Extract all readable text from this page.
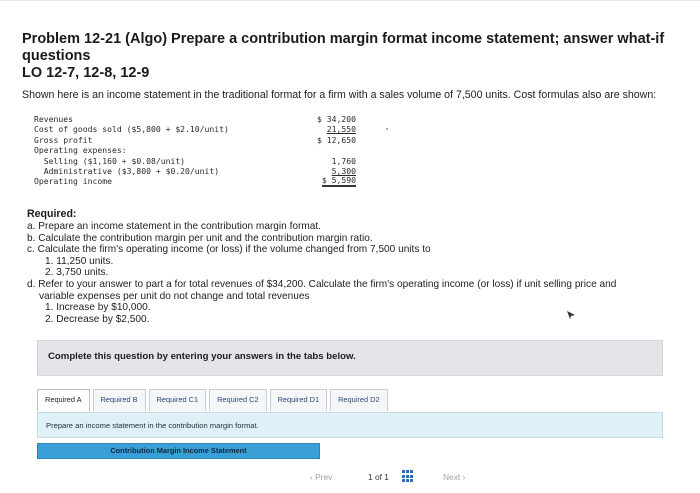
Problem 12-21 (Algo) Prepare a contribution margin format income statement; answer what-if questions
LO 12-7, 12-8, 12-9
Shown here is an income statement in the traditional format for a firm with a sales volume of 7,500 units. Cost formulas also are shown:
Revenues	$ 34,200
Cost of goods sold ($5,800 + $2.10/unit)	21,550
Gross profit	$ 12,650
Operating expenses:
Selling ($1,160 + $0.08/unit)	1,760
Administrative ($3,800 + $0.20/unit)	5,300
Operating income	$ 5,590
Required:
a. Prepare an income statement in the contribution margin format.
b. Calculate the contribution margin per unit and the contribution margin ratio.
c. Calculate the firm's operating income (or loss) if the volume changed from 7,500 units to
1. 11,250 units.
2. 3,750 units.
d. Refer to your answer to part a for total revenues of $34,200. Calculate the firm's operating income (or loss) if unit selling price and
variable expenses per unit do not change and total revenues
1. Increase by $10,000.
2. Decrease by $2,500.
Complete this question by entering your answers in the tabs below.
Required A	Required B	Required C1	Required C2	Required D1	Required D2
Prepare an income statement in the contribution margin format.
Contribution Margin Income Statement
‹ Prev	1 of 1	Next ›
